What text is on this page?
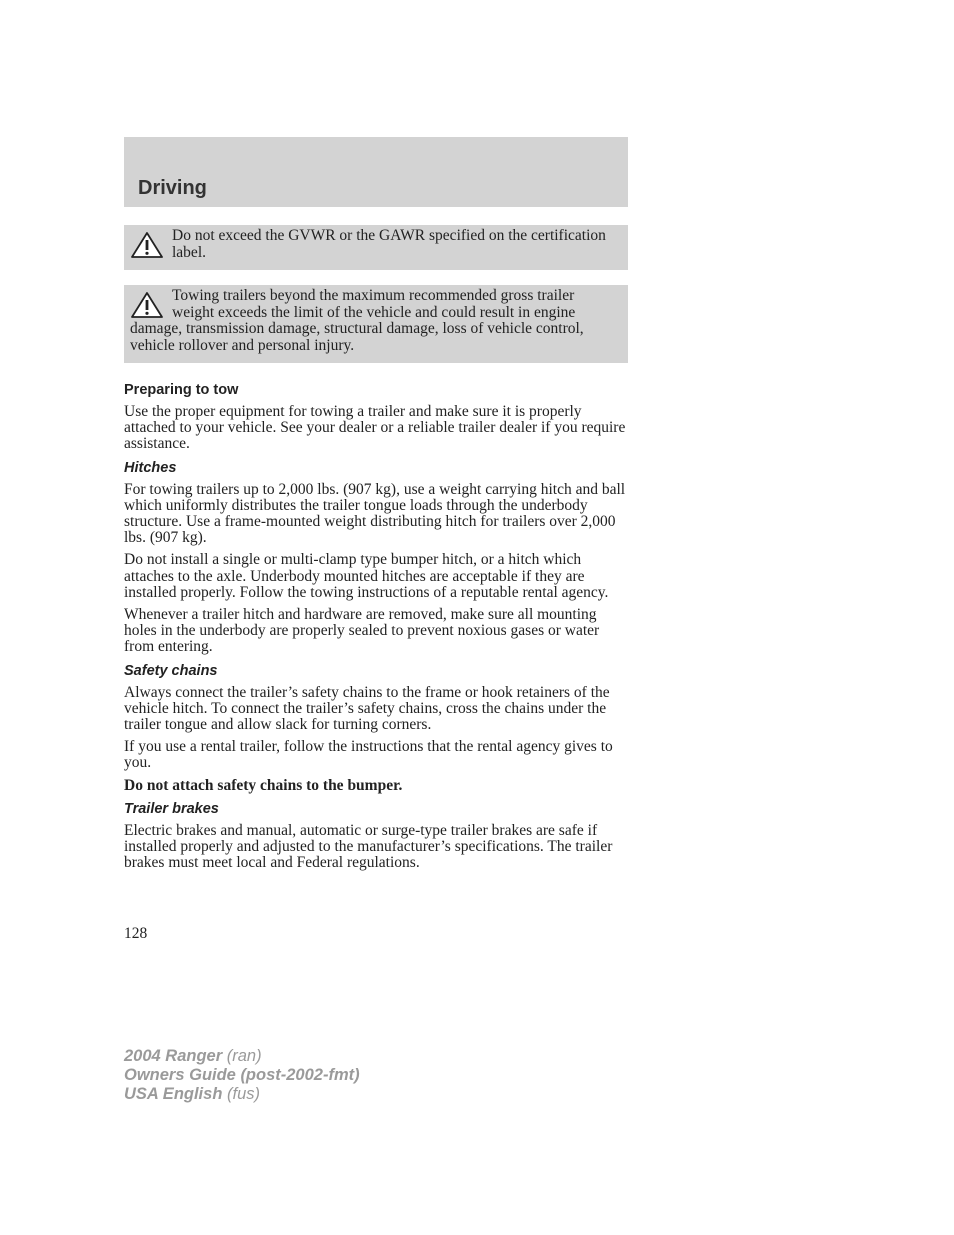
Driving
Do not exceed the GVWR or the GAWR specified on the certification label.
Towing trailers beyond the maximum recommended gross trailer weight exceeds the limit of the vehicle and could result in engine damage, transmission damage, structural damage, loss of vehicle control, vehicle rollover and personal injury.
Preparing to tow

Use the proper equipment for towing a trailer and make sure it is properly attached to your vehicle. See your dealer or a reliable trailer dealer if you require assistance.

Hitches

For towing trailers up to 2,000 lbs. (907 kg), use a weight carrying hitch and ball which uniformly distributes the trailer tongue loads through the underbody structure. Use a frame-mounted weight distributing hitch for trailers over 2,000 lbs. (907 kg).

Do not install a single or multi-clamp type bumper hitch, or a hitch which attaches to the axle. Underbody mounted hitches are acceptable if they are installed properly. Follow the towing instructions of a reputable rental agency.

Whenever a trailer hitch and hardware are removed, make sure all mounting holes in the underbody are properly sealed to prevent noxious gases or water from entering.

Safety chains

Always connect the trailer’s safety chains to the frame or hook retainers of the vehicle hitch. To connect the trailer’s safety chains, cross the chains under the trailer tongue and allow slack for turning corners.

If you use a rental trailer, follow the instructions that the rental agency gives to you.

Do not attach safety chains to the bumper.

Trailer brakes

Electric brakes and manual, automatic or surge-type trailer brakes are safe if installed properly and adjusted to the manufacturer’s specifications. The trailer brakes must meet local and Federal regulations.

128
2004 Ranger (ran)
Owners Guide (post-2002-fmt)
USA English (fus)
